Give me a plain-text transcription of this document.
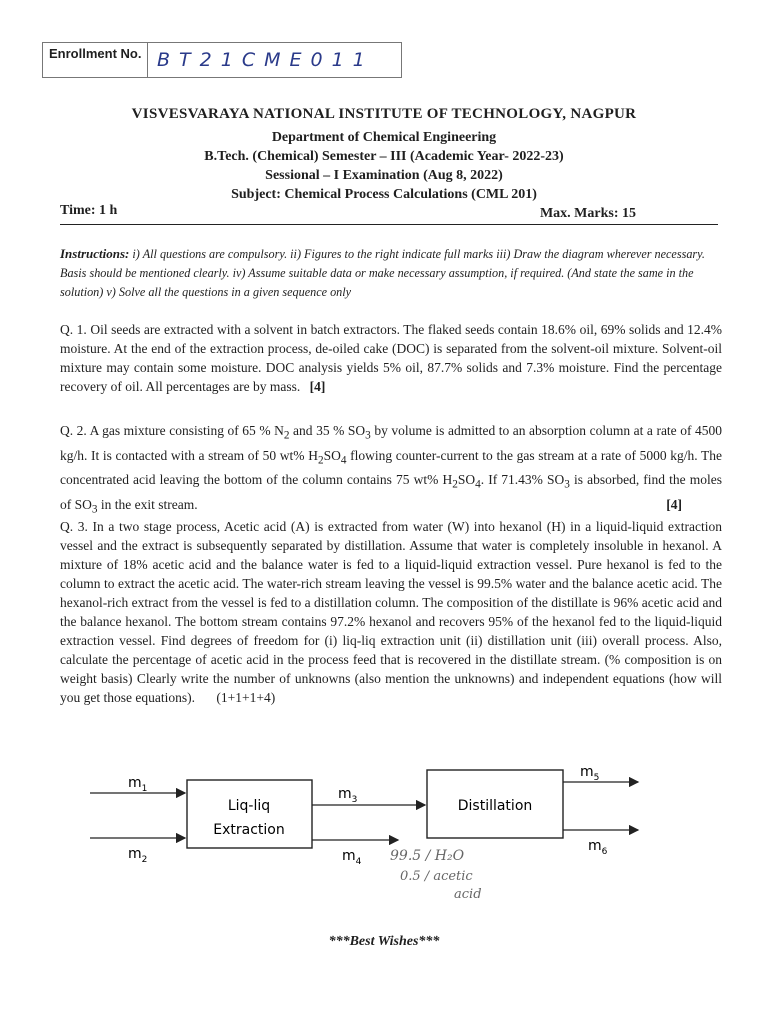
Enrollment No. BT21CME011
VISVESVARAYA NATIONAL INSTITUTE OF TECHNOLOGY, NAGPUR
Department of Chemical Engineering
B.Tech. (Chemical) Semester – III (Academic Year- 2022-23)
Sessional – I Examination (Aug 8, 2022)
Subject: Chemical Process Calculations (CML 201)
Time: 1 h	Max. Marks: 15
Instructions: i) All questions are compulsory. ii) Figures to the right indicate full marks iii) Draw the diagram wherever necessary. Basis should be mentioned clearly. iv) Assume suitable data or make necessary assumption, if required. (And state the same in the solution) v) Solve all the questions in a given sequence only
Q. 1. Oil seeds are extracted with a solvent in batch extractors. The flaked seeds contain 18.6% oil, 69% solids and 12.4% moisture. At the end of the extraction process, de-oiled cake (DOC) is separated from the solvent-oil mixture. Solvent-oil mixture may contain some moisture. DOC analysis yields 5% oil, 87.7% solids and 7.3% moisture. Find the percentage recovery of oil. All percentages are by mass. [4]
Q. 2. A gas mixture consisting of 65 % $N_2$ and 35 % $SO_3$ by volume is admitted to an absorption column at a rate of 4500 kg/h. It is contacted with a stream of 50 wt% $H_2SO_4$ flowing counter-current to the gas stream at a rate of 5000 kg/h. The concentrated acid leaving the bottom of the column contains 75 wt% $H_2SO_4$. If 71.43% $SO_3$ is absorbed, find the moles of $SO_3$ in the exit stream.	[4]
Q. 3. In a two stage process, Acetic acid (A) is extracted from water (W) into hexanol (H) in a liquid-liquid extraction vessel and the extract is subsequently separated by distillation. Assume that water is completely insoluble in hexanol. A mixture of 18% acetic acid and the balance water is fed to a liquid-liquid extraction vessel. Pure hexanol is fed to the column to extract the acetic acid. The water-rich stream leaving the vessel is 99.5% water and the balance acetic acid. The hexanol-rich extract from the vessel is fed to a distillation column. The composition of the distillate is 96% acetic acid and the balance hexanol. The bottom stream contains 97.2% hexanol and recovers 95% of the hexanol fed to the liquid-liquid extraction vessel. Find degrees of freedom for (i) liq-liq extraction unit (ii) distillation unit (iii) overall process. Also, calculate the percentage of acetic acid in the process feed that is recovered in the distillate stream. (% composition is on weight basis) Clearly write the number of unknowns (also mention the unknowns) and independent equations (how will you get those equations). (1+1+1+4)
Liq-liq
Extraction
Distillation
$m_1$
$m_2$
$m_3$
$m_4$
$m_5$
$m_6$
99.5 / H₂O
0.5 / acetic
acid
***Best Wishes***
